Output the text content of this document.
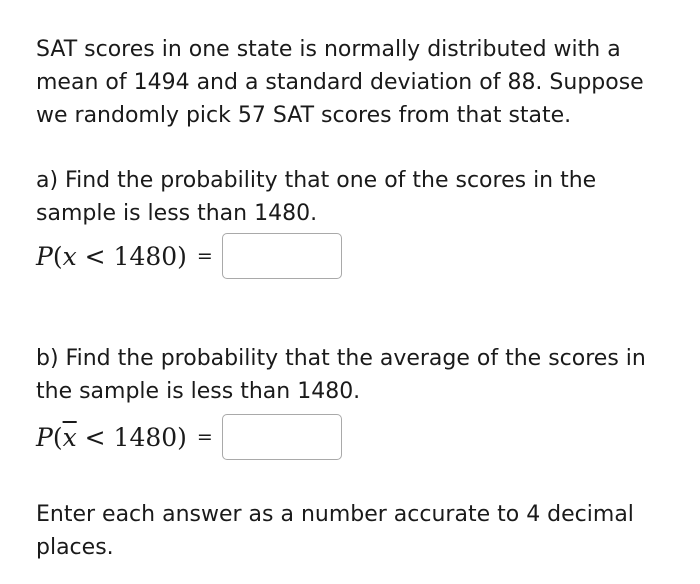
SAT scores in one state is normally distributed with a mean of 1494 and a standard deviation of 88. Suppose we randomly pick 57 SAT scores from that state.

a) Find the probability that one of the scores in the sample is less than 1480.

P(x < 1480) =

b) Find the probability that the average of the scores in the sample is less than 1480.

$P(\overline{x} < 1480)$ =

Enter each answer as a number accurate to 4 decimal places.
